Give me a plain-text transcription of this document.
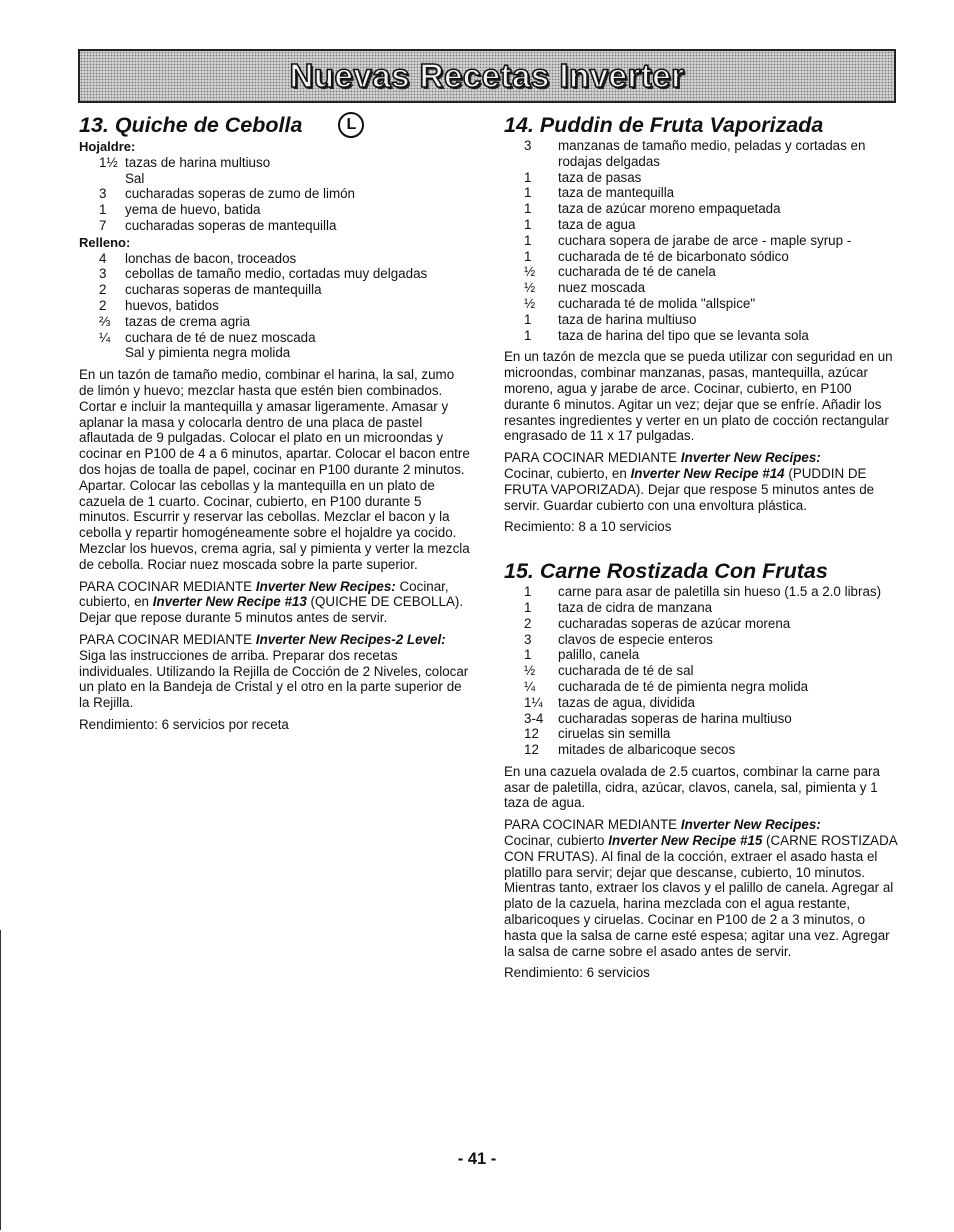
Nuevas Recetas Inverter
13. Quiche de Cebolla	L
Hojaldre:
1½ tazas de harina multiuso
Sal
3	cucharadas soperas de zumo de limón
1	yema de huevo, batida
7	cucharadas soperas de mantequilla
Relleno:
4	lonchas de bacon, troceados
3	cebollas de tamaño medio, cortadas muy delgadas
2	cucharas soperas de mantequilla
2	huevos, batidos
⅔	tazas de crema agria
¼	cuchara de té de nuez moscada
Sal y pimienta negra molida

En un tazón de tamaño medio, combinar el harina, la sal, zumo de limón y huevo; mezclar hasta que estén bien combinados. Cortar e incluir la mantequilla y amasar ligeramente. Amasar y aplanar la masa y colocarla dentro de una placa de pastel aflautada de 9 pulgadas. Colocar el plato en un microondas y cocinar en P100 de 4 a 6 minutos, apartar. Colocar el bacon entre dos hojas de toalla de papel, cocinar en P100 durante 2 minutos. Apartar. Colocar las cebollas y la mantequilla en un plato de cazuela de 1 cuarto. Cocinar, cubierto, en P100 durante 5 minutos. Escurrir y reservar las cebollas. Mezclar el bacon y la cebolla y repartir homogéneamente sobre el hojaldre ya cocido. Mezclar los huevos, crema agria, sal y pimienta y verter la mezcla de cebolla. Rociar nuez moscada sobre la parte superior.

PARA COCINAR MEDIANTE Inverter New Recipes: Cocinar, cubierto, en Inverter New Recipe #13 (QUICHE DE CEBOLLA). Dejar que repose durante 5 minutos antes de servir.

PARA COCINAR MEDIANTE Inverter New Recipes-2 Level: Siga las instrucciones de arriba. Preparar dos recetas individuales. Utilizando la Rejilla de Cocción de 2 Niveles, colocar un plato en la Bandeja de Cristal y el otro en la parte superior de la Rejilla.

Rendimiento: 6 servicios por receta

14. Puddin de Fruta Vaporizada
3	manzanas de tamaño medio, peladas y cortadas en rodajas delgadas
1	taza de pasas
1	taza de mantequilla
1	taza de azúcar moreno empaquetada
1	taza de agua
1	cuchara sopera de jarabe de arce - maple syrup -
1	cucharada de té de bicarbonato sódico
½	cucharada de té de canela
½	nuez moscada
½	cucharada té de molida "allspice"
1	taza de harina multiuso
1	taza de harina del tipo que se levanta sola

En un tazón de mezcla que se pueda utilizar con seguridad en un microondas, combinar manzanas, pasas, mantequilla, azúcar moreno, agua y jarabe de arce. Cocinar, cubierto, en P100 durante 6 minutos. Agitar un vez; dejar que se enfríe. Añadir los resantes ingredientes y verter en un plato de cocción rectangular engrasado de 11 x 17 pulgadas.

PARA COCINAR MEDIANTE Inverter New Recipes:
Cocinar, cubierto, en Inverter New Recipe #14 (PUDDIN DE FRUTA VAPORIZADA). Dejar que respose 5 minutos antes de servir. Guardar cubierto con una envoltura plástica.

Recimiento: 8 a 10 servicios

15. Carne Rostizada Con Frutas
1	carne para asar de paletilla sin hueso (1.5 a 2.0 libras)
1	taza de cidra de manzana
2	cucharadas soperas de azúcar morena
3	clavos de especie enteros
1	palillo, canela
½	cucharada de té de sal
¼	cucharada de té de pimienta negra molida
1¼	tazas de agua, dividida
3-4	cucharadas soperas de harina multiuso
12	ciruelas sin semilla
12	mitades de albaricoque secos

En una cazuela ovalada de 2.5 cuartos, combinar la carne para asar de paletilla, cidra, azúcar, clavos, canela, sal, pimienta y 1 taza de agua.

PARA COCINAR MEDIANTE Inverter New Recipes:
Cocinar, cubierto Inverter New Recipe #15 (CARNE ROSTIZADA CON FRUTAS). Al final de la cocción, extraer el asado hasta el platillo para servir; dejar que descanse, cubierto, 10 minutos. Mientras tanto, extraer los clavos y el palillo de canela. Agregar al plato de la cazuela, harina mezclada con el agua restante, albaricoques y ciruelas. Cocinar en P100 de 2 a 3 minutos, o hasta que la salsa de carne esté espesa; agitar una vez. Agregar la salsa de carne sobre el asado antes de servir.

Rendimiento: 6 servicios

- 41 -
